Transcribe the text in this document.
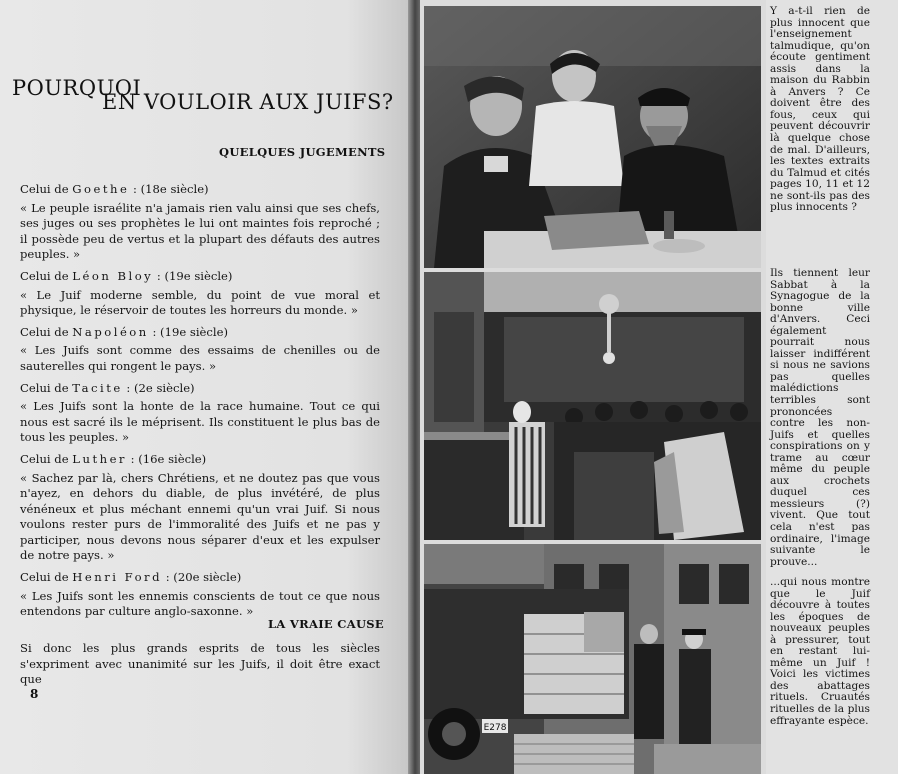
POURQUOI
EN VOULOIR AUX JUIFS?
QUELQUES JUGEMENTS
Celui de Goethe : (18e siècle)
« Le peuple israélite n'a jamais rien valu ainsi que ses chefs, ses juges ou ses prophètes le lui ont maintes fois reproché ; il possède peu de vertus et la plupart des défauts des autres peuples. »
Celui de Léon Bloy : (19e siècle)
« Le Juif moderne semble, du point de vue moral et physique, le réservoir de toutes les horreurs du monde. »
Celui de Napoléon : (19e siècle)
« Les Juifs sont comme des essaims de chenilles ou de sauterelles qui rongent le pays. »
Celui de Tacite : (2e siècle)
« Les Juifs sont la honte de la race humaine. Tout ce qui nous est sacré ils le méprisent. Ils constituent le plus bas de tous les peuples. »
Celui de Luther : (16e siècle)
« Sachez par là, chers Chrétiens, et ne doutez pas que vous n'ayez, en dehors du diable, de plus invétéré, de plus vénéneux et plus méchant ennemi qu'un vrai Juif. Si nous voulons rester purs de l'immoralité des Juifs et ne pas y participer, nous devons nous séparer d'eux et les expulser de notre pays. »
Celui de Henri Ford : (20e siècle)
« Les Juifs sont les ennemis conscients de tout ce que nous entendons par culture anglo-saxonne. »
LA VRAIE CAUSE
Si donc les plus grands esprits de tous les siècles s'expriment avec unanimité sur les Juifs, il doit être exact que
8
E278
Y a-t-il rien de plus innocent que l'enseignement talmudique, qu'on écoute gentiment assis dans la maison du Rabbin à Anvers ? Ce doivent être des fous, ceux qui peuvent découvrir là quelque chose de mal. D'ailleurs, les textes extraits du Talmud et cités pages 10, 11 et 12 ne sont-ils pas des plus innocents ?
Ils tiennent leur Sabbat à la Synagogue de la bonne ville d'Anvers. Ceci également pourrait nous laisser indifférent si nous ne savions pas quelles malédictions terribles sont prononcées contre les non-Juifs et quelles conspirations on y trame au cœur même du peuple aux crochets duquel ces messieurs (?) vivent. Que tout cela n'est pas ordinaire, l'image suivante le prouve...
...qui nous montre que le Juif découvre à toutes les époques de nouveaux peuples à pressurer, tout en restant lui-même un Juif ! Voici les victimes des abattages rituels. Cruautés rituelles de la plus effrayante espèce.
